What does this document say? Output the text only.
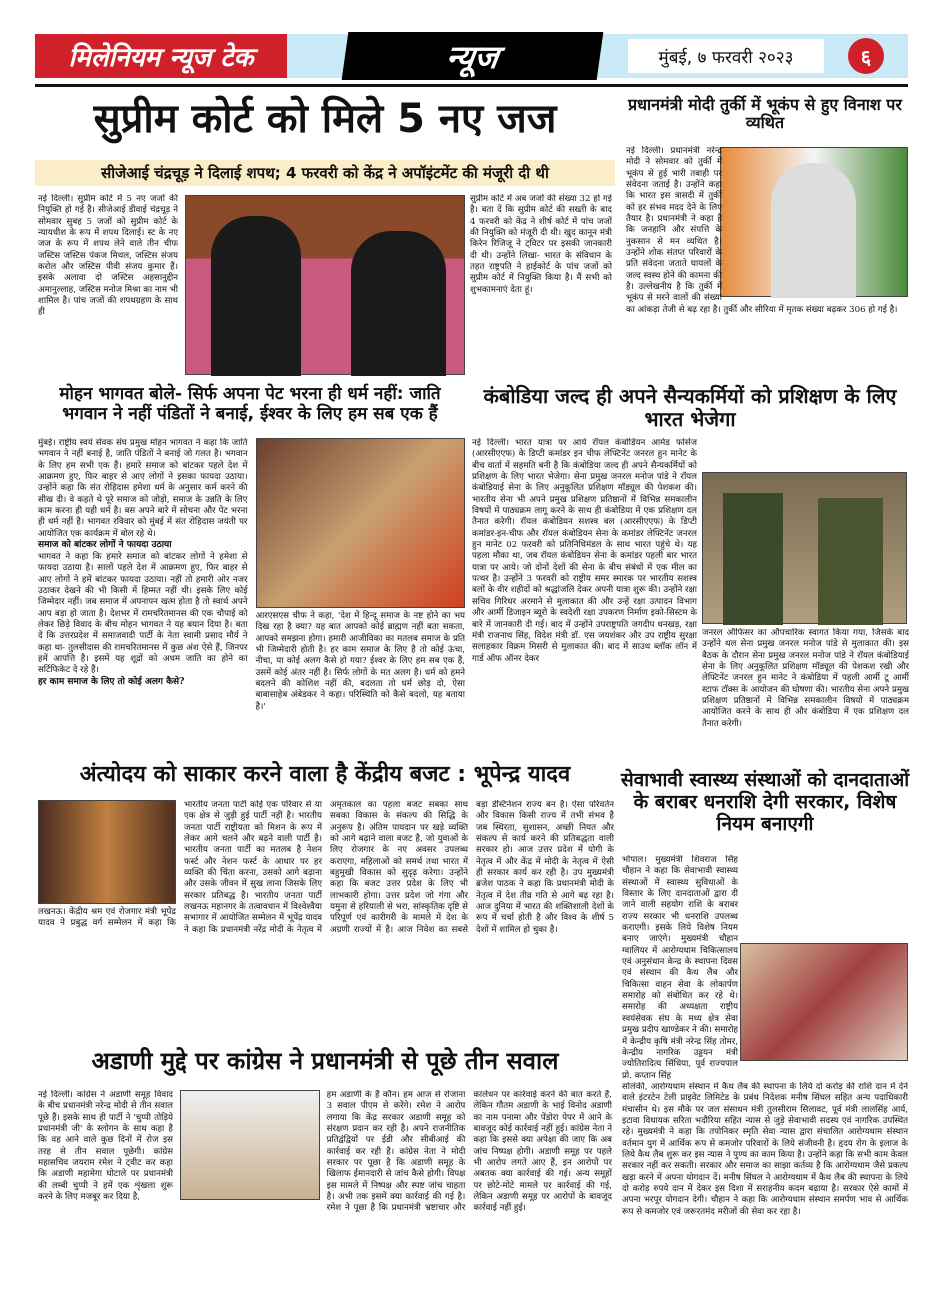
मिलेनियम न्यूज टेक	न्यूज	मुंबई, ७ फरवरी २०२३	६
सुप्रीम कोर्ट को मिले 5 नए जज
सीजेआई चंद्रचूड़ ने दिलाई शपथ; 4 फरवरी को केंद्र ने अपॉइंटमेंट की मंजूरी दी थी
नई दिल्ली। सुप्रीम कोर्ट में 5 नए जजों की नियुक्ति हो गई है। सीजेआई डीवाई चंद्रचूड़ ने सोमवार सुबह 5 जजों को सुप्रीम कोर्ट के न्यायधीश के रूप में शपथ दिलाई। स्ट के नए जज के रूप में शपथ लेने वाले तीन चीफ जस्टिस जस्टिस पंकज मिथल, जस्टिस संजय करोल और जस्टिस पीवी संजय कुमार हैं। इसके अलावा दो जस्टिस अहसानुद्दीन अमानुल्लाह, जस्टिस मनोज मिश्रा का नाम भी शामिल है। पांच जजों की शपथग्रहण के साथ ही
सुप्रीम कोर्ट में अब जजों की संख्या 32 हो गई है। बता दें कि सुप्रीम कोर्ट की सख्ती के बाद 4 फरवरी को केंद्र ने शीर्ष कोर्ट में पांच जजों की नियुक्ति को मंजूरी दी थी। खुद कानून मंत्री किरेन रिजिजू ने ट्विटर पर इसकी जानकारी दी थी। उन्होंने लिखा- भारत के संविधान के तहत राष्ट्रपति ने हाईकोर्ट के पांच जजों को सुप्रीम कोर्ट में नियुक्ति किया है। मैं सभी को शुभकामनाएं देता हूं।
प्रधानमंत्री मोदी तुर्की में भूकंप से हुए विनाश पर व्यथित
नई दिल्ली। प्रधानमंत्री नरेन्द्र मोदी ने सोमवार को तुर्की में भूकंप से हुई भारी तबाही पर संवेदना जताई है। उन्होंने कहा कि भारत इस त्रासदी में तुर्की को हर संभव मदद देने के लिए तैयार है। प्रधानमंत्री ने कहा है कि जनहानि और संपत्ति के नुकसान से मन व्यथित है। उन्होंने शोक संतप्त परिवारों के प्रति संवेदना जताते घायलों के जल्द स्वस्थ होने की कामना की है। उल्लेखनीय है कि तुर्की में भूकंप से मरने वालों की संख्या का आंकड़ा तेजी से बढ़ रहा है। तुर्की और सीरिया में मृतक संख्या बढ़कर 306 हो गई है।
मोहन भागवत बोले- सिर्फ अपना पेट भरना ही धर्म नहीं: जाति भगवान ने नहीं पंडितों ने बनाई, ईश्वर के लिए हम सब एक हैं
मुंबई। राष्ट्रीय स्वयं सेवक संघ प्रमुख मोहन भागवत ने कहा कि जाति भगवान ने नहीं बनाई है, जाति पंडितों ने बनाई जो गलत है। भगवान के लिए हम सभी एक हैं। हमारे समाज को बांटकर पहले देश में आक्रमण हुए, फिर बाहर से आए लोगों ने इसका फायदा उठाया। उन्होंने कहा कि संत रोहिदास हमेशा धर्म के अनुसार कर्म करने की सीख दी। वे कहते थे पूरे समाज को जोड़ो, समाज के उन्नति के लिए काम करना ही यही धर्म है। बस अपने बारे में सोचना और पेट भरना ही धर्म नहीं है। भागवत रविवार को मुंबई में संत रोहिदास जयंती पर आयोजित एक कार्यक्रम में बोल रहे थे।
समाज को बांटकर लोगों ने फायदा उठाया
भागवत ने कहा कि हमारे समाज को बांटकर लोगों ने हमेशा से फायदा उठाया है। सालों पहले देश में आक्रमण हुए, फिर बाहर से आए लोगों ने हमें बांटकर फायदा उठाया। नहीं तो हमारी ओर नजर उठाकर देखने की भी किसी में हिम्मत नहीं थी। इसके लिए कोई जिम्मेदार नहीं। जब समाज में अपनापन खत्म होता है तो स्वार्थ अपने आप बड़ा हो जाता है। देशभर में रामचरितमानस की एक चौपाई को लेकर छिड़े विवाद के बीच मोहन भागवत ने यह बयान दिया है। बता दें कि उत्तरप्रदेश में समाजवादी पार्टी के नेता स्वामी प्रसाद मौर्य ने कहा था- तुलसीदास की रामचरितमानस में कुछ अंश ऐसे हैं, जिनपर हमें आपत्ति है। इसमें यह शूद्रों को अधम जाति का होने का सर्टिफिकेट दे रहे हैं।
हर काम समाज के लिए तो कोई अलग कैसे?
आरएसएस चीफ ने कहा, 'देश में हिन्दू समाज के नष्ट होने का भय दिख रहा है क्या? यह बात आपको कोई ब्राह्मण नहीं बता सकता, आपको समझना होगा। हमारी आजीविका का मतलब समाज के प्रति भी जिम्मेदारी होती है। हर काम समाज के लिए है तो कोई ऊंचा, नीचा, या कोई अलग कैसे हो गया? ईश्वर के लिए हम सब एक हैं, उसमें कोई अंतर नहीं है। सिर्फ लोगों के मत अलग है। धर्म को हमने बदलने की कोशिश नहीं की, बदलता तो धर्म छोड़ दो, ऐसा बाबासाहेब अंबेडकर ने कहा। परिस्थिति को कैसे बदलो, यह बताया है।'
कंबोडिया जल्द ही अपने सैन्यकर्मियों को प्रशिक्षण के लिए भारत भेजेगा
नई दिल्ली। भारत यात्रा पर आये रॉयल कंबोडियन आर्मड फोर्सेज (आरसीएएफ) के डिप्टी कमांडर इन चीफ लेफ्टिनेंट जनरल हुन मानेट के बीच वार्ता में सहमति बनी है कि कंबोडिया जल्द ही अपने सैन्यकर्मियों को प्रशिक्षण के लिए भारत भेजेगा। सेना प्रमुख जनरल मनोज पांडे ने रॉयल कंबोडियाई सेना के लिए अनुकूलित प्रशिक्षण मॉड्यूल की पेशकश की। भारतीय सेना भी अपने प्रमुख प्रशिक्षण प्रतिष्ठानों में विभिन्न समकालीन विषयों में पाठ्यक्रम लागू करने के साथ ही कंबोडिया में एक प्रशिक्षण दल तैनात करेगी। रॉयल कंबोडियन सशस्त्र बल (आरसीएएफ) के डिप्टी कमांडर-इन-चीफ और रॉयल कंबोडियन सेना के कमांडर लेफ्टिनेंट जनरल हुन मानेट 02 फरवरी को प्रतिनिधिमंडल के साथ भारत पहुंचे थे। यह पहला मौका था, जब रॉयल कंबोडियन सेना के कमांडर पहली बार भारत यात्रा पर आये। जो दोनों देशों की सेना के बीच संबंधों में एक मील का पत्थर है। उन्होंने 3 फरवरी को राष्ट्रीय समर स्मारक पर भारतीय सशस्त्र बलों के वीर शहीदों को श्रद्धांजलि देकर अपनी यात्रा शुरू की। उन्होंने रक्षा सचिव गिरिधर अरमाने से मुलाकात की और उन्हें रक्षा उत्पादन विभाग और आर्मी डिजाइन ब्यूरो के स्वदेशी रक्षा उपकरण निर्माण इको-सिस्टम के बारे में जानकारी दी गई। बाद में उन्होंने उपराष्ट्रपति जगदीप धनखड़, रक्षा मंत्री राजनाथ सिंह, विदेश मंत्री डॉ. एस जयशंकर और उप राष्ट्रीय सुरक्षा सलाहकार विक्रम मिसरी से मुलाकात की। बाद में साउथ ब्लॉक लॉन में गार्ड ऑफ ऑनर देकर
जनरल ऑफिसर का औपचारिक स्वागत किया गया, जिसके बाद उन्होंने थल सेना प्रमुख जनरल मनोज पांडे से मुलाकात की। इस बैठक के दौरान सेना प्रमुख जनरल मनोज पांडे ने रॉयल कंबोडियाई सेना के लिए अनुकूलित प्रशिक्षण मॉड्यूल की पेशकश रखी और लेफ्टिनेंट जनरल हुन मानेट ने कंबोडिया में पहली आर्मी टू आर्मी स्टाफ टॉक्स के आयोजन की घोषणा की। भारतीय सेना अपने प्रमुख प्रशिक्षण प्रतिष्ठानों में विभिन्न समकालीन विषयों में पाठ्यक्रम आयोजित करने के साथ ही और कंबोडिया में एक प्रशिक्षण दल तैनात करेगी।
अंत्योदय को साकार करने वाला है केंद्रीय बजट : भूपेन्द्र यादव
लखनऊ। केंद्रीय श्रम एवं रोजगार मंत्री भूपेंद्र यादव ने प्रबुद्ध वर्ग सम्मेलन में कहा कि भारतीय जनता पार्टी कोई एक परिवार से या एक क्षेत्र से जुड़ी हुई पार्टी नहीं है। भारतीय जनता पार्टी राष्ट्रीयता को मिशन के रूप में लेकर आगे चलने और बढ़ने वाली पार्टी है। भारतीय जनता पार्टी का मतलब है नेशन फर्स्ट और नेशन फर्स्ट के आधार पर हर व्यक्ति की चिंता करना, उसको आगे बढ़ाना और उसके जीवन में सुख लाना जिसके लिए सरकार प्रतिबद्ध है। भारतीय जनता पार्टी लखनऊ महानगर के तत्वावधान में विश्वेश्वैया सभागार में आयोजित सम्मेलन में भूपेंद्र यादव ने कहा कि प्रधानमंत्री नरेंद्र मोदी के नेतृत्व में अमृतकाल का पहला बजट सबका साथ सबका विकास के संकल्प की सिद्धि के अनुरूप है। अंतिम पायदान पर खड़े व्यक्ति को आगे बढ़ाने वाला बजट है, जो युवाओं के लिए रोजगार के नए अवसर उपलब्ध कराएगा, महिलाओं को समर्थ तथा भारत में बहुमुखी विकास को सुदृढ़ करेगा। उन्होंने कहा कि बजट उत्तर प्रदेश के लिए भी लाभकारी होगा। उत्तर प्रदेश जो गंगा और यमुना से हरियाली से भरा, सांस्कृतिक दृष्टि से परिपूर्ण एवं कारीगरी के मामले में देश के अग्रणी राज्यों में है। आज निवेश का सबसे बड़ा डेस्टिनेशन राज्य बन है। ऐसा परिवर्तन और विकास किसी राज्य में तभी संभव है जब स्थिरता, सुशासन, अच्छी नियत और संकल्प से कार्य करने की प्रतिबद्धता वाली सरकार हो। आज उत्तर प्रदेश में योगी के नेतृत्व में और केंद्र में मोदी के नेतृत्व में ऐसी ही सरकार कार्य कर रही है। उप मुख्यमंत्री ब्रजेश पाठक ने कहा कि प्रधानमंत्री मोदी के नेतृत्व में देश तीव्र गति से आगे बढ़ रहा है। आज दुनिया में भारत की शक्तिशाली देशों के रूप में चर्चा होती है और विश्व के शीर्ष 5 देशों में शामिल हो चुका है।
सेवाभावी स्वास्थ्य संस्थाओं को दानदाताओं के बराबर धनराशि देगी सरकार, विशेष नियम बनाएगी
भोपाल। मुख्यमंत्री शिवराज सिंह चौहान ने कहा कि सेवाभावी स्वास्थ्य संस्थाओं में स्वास्थ्य सुविधाओं के विस्तार के लिए दानदाताओं द्वारा दी जाने वाली सहयोग राशि के बराबर राज्य सरकार भी धनराशि उपलब्ध कराएगी। इसके लिये विशेष नियम बनाए जाएंगे। मुख्यमंत्री चौहान ग्वालियर में आरोग्यधाम चिकित्सालय एवं अनुसंधान केन्द्र के स्थापना दिवस एवं संस्थान की कैथ लैब और चिकित्सा वाहन सेवा के लोकार्पण समारोह को संबोधित कर रहे थे। समारोह की अध्यक्षता राष्ट्रीय स्वयंसेवक संघ के मध्य क्षेत्र सेवा प्रमुख प्रदीप खाण्डेकर ने की। समारोह में केन्द्रीय कृषि मंत्री नरेन्द्र सिंह तोमर, केन्द्रीय नागरिक उड्डयन मंत्री ज्योतिरादित्य सिंधिया, पूर्व राज्यपाल प्रो. कप्तान सिंह
सोलंकी, आरोग्यधाम संस्थान में कैथ लैब की स्थापना के लिये दो करोड़ की राशि दान में देने वाले इंटरटेन टेली प्राइवेट लिमिटेड के प्रबंध निदेशक मनीष सिंघल सहित अन्य पदाधिकारी मंचासीन थे। इस मौके पर जल संसाधन मंत्री तुलसीराम सिलावट, पूर्व मंत्री लालसिंह आर्य, इटावा विधायक सरिता भदौरिया सहित न्यास से जुड़े सेवाभावी सदस्य एवं नागरिक उपस्थित रहे। मुख्यमंत्री ने कहा कि तपोनिकर स्मृति सेवा न्यास द्वारा संचालित आरोग्यधाम संस्थान वर्तमान युग में आर्थिक रूप से कमजोर परिवारों के लिये संजीवनी है। हृदय रोग के इलाज के लिये कैथ लैब शुरू कर इस न्यास ने पुण्य का काम किया है। उन्होंने कहा कि सभी काम केवल सरकार नहीं कर सकती। सरकार और समाज का साझा कर्तव्य है कि आरोग्यधाम जैसे प्रकल्प खड़ा करने में अपना योगदान दें। मनीष सिंघल ने आरोग्यधाम में कैथ लैब की स्थापना के लिये दो करोड़ रुपये दान में देकर इस दिशा में सराहनीय कदम बढ़ाया है। सरकार ऐसे कामों में अपना भरपूर योगदान देगी। चौहान ने कहा कि आरोग्यधाम संस्थान समर्पण भाव से आर्थिक रूप से कमजोर एवं जरूरतमंद मरीजों की सेवा कर रहा है।
अडाणी मुद्दे पर कांग्रेस ने प्रधानमंत्री से पूछे तीन सवाल
नई दिल्ली। कांग्रेस ने अडाणी समूह विवाद के बीच प्रधानमंत्री नरेन्द्र मोदी से तीन सवाल पूछे हैं। इसके साथ ही पार्टी ने 'चुप्पी तोड़िये प्रधानमंत्री जी' के स्लोगन के साथ कहा है कि वह आने वाले कुछ दिनों में रोज इस तरह से तीन सवाल पूछेगी। कांग्रेस महासचिव जयराम रमेश ने ट्वीट कर कहा कि अडाणी महामेगा घोटाले पर प्रधानमंत्री की लम्बी चुप्पी ने हमें एक शृंखला शुरू करने के लिए मजबूर कर दिया है,
हम अडाणी के हैं कौन। हम आज से रोजाना 3 सवाल पीएम से करेंगे। रमेश ने आरोप लगाया कि केंद्र सरकार अडाणी समूह को संरक्षण प्रदान कर रही है। अपने राजनीतिक प्रतिद्वंद्वियों पर ईडी और सीबीआई की कार्रवाई कर रही है। कांग्रेस नेता ने मोदी सरकार पर पूछा है कि अडाणी समूह के खिलाफ ईमानदारी से जांच कैसे होगी। विपक्ष इस मामले में निष्पक्ष और स्पष्ट जांच चाहता है। अभी तक इसमें क्या कार्रवाई की गई है। रमेश ने पूछा है कि प्रधानमंत्री भ्रष्टाचार और कालेधन पर कार्रवाई करने की बात करते हैं, लेकिन गौतम अडाणी के भाई विनोद अडाणी का नाम पनामा और पेंडोरा पेपर में आने के बावजूद कोई कार्रवाई नहीं हुई। कांग्रेस नेता ने कहा कि इससे क्या अपेक्षा की जाए कि अब जांच निष्पक्ष होगी। अडाणी समूह पर पहले भी आरोप लगते आए हैं, इन आरोपों पर अबतक क्या कार्रवाई की गई। अन्य समूहों पर छोटे-मोटे मामले पर कार्रवाई की गई, लेकिन अडाणी समूह पर आरोपों के बावजूद कार्रवाई नहीं हुई।
